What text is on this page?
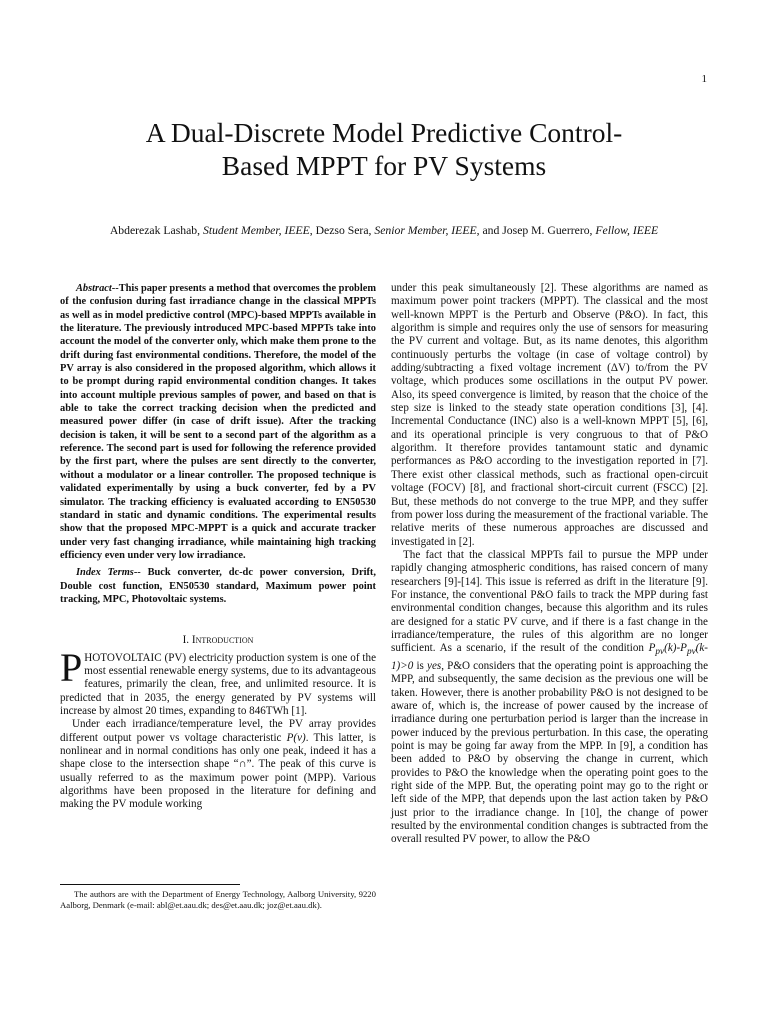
1
A Dual-Discrete Model Predictive Control-
Based MPPT for PV Systems
Abderezak Lashab, Student Member, IEEE, Dezso Sera, Senior Member, IEEE, and Josep M. Guerrero, Fellow, IEEE

Abstract--This paper presents a method that overcomes the problem of the confusion during fast irradiance change in the classical MPPTs as well as in model predictive control (MPC)-based MPPTs available in the literature. The previously introduced MPC-based MPPTs take into account the model of the converter only, which make them prone to the drift during fast environmental conditions. Therefore, the model of the PV array is also considered in the proposed algorithm, which allows it to be prompt during rapid environmental condition changes. It takes into account multiple previous samples of power, and based on that is able to take the correct tracking decision when the predicted and measured power differ (in case of drift issue). After the tracking decision is taken, it will be sent to a second part of the algorithm as a reference. The second part is used for following the reference provided by the first part, where the pulses are sent directly to the converter, without a modulator or a linear controller. The proposed technique is validated experimentally by using a buck converter, fed by a PV simulator. The tracking efficiency is evaluated according to EN50530 standard in static and dynamic conditions. The experimental results show that the proposed MPC-MPPT is a quick and accurate tracker under very fast changing irradiance, while maintaining high tracking efficiency even under very low irradiance.

Index Terms-- Buck converter, dc-dc power conversion, Drift, Double cost function, EN50530 standard, Maximum power point tracking, MPC, Photovoltaic systems.

I. Introduction

PHOTOVOLTAIC (PV) electricity production system is one of the most essential renewable energy systems, due to its advantageous features, primarily the clean, free, and unlimited resource. It is predicted that in 2035, the energy generated by PV systems will increase by almost 20 times, expanding to 846TWh [1].

Under each irradiance/temperature level, the PV array provides different output power vs voltage characteristic P(v). This latter, is nonlinear and in normal conditions has only one peak, indeed it has a shape close to the intersection shape “∩”. The peak of this curve is usually referred to as the maximum power point (MPP). Various algorithms have been proposed in the literature for defining and making the PV module working

The authors are with the Department of Energy Technology, Aalborg University, 9220 Aalborg, Denmark (e-mail: abl@et.aau.dk; des@et.aau.dk; joz@et.aau.dk).

under this peak simultaneously [2]. These algorithms are named as maximum power point trackers (MPPT). The classical and the most well-known MPPT is the Perturb and Observe (P&O). In fact, this algorithm is simple and requires only the use of sensors for measuring the PV current and voltage. But, as its name denotes, this algorithm continuously perturbs the voltage (in case of voltage control) by adding/subtracting a fixed voltage increment (ΔV) to/from the PV voltage, which produces some oscillations in the output PV power. Also, its speed convergence is limited, by reason that the choice of the step size is linked to the steady state operation conditions [3], [4]. Incremental Conductance (INC) also is a well-known MPPT [5], [6], and its operational principle is very congruous to that of P&O algorithm. It therefore provides tantamount static and dynamic performances as P&O according to the investigation reported in [7]. There exist other classical methods, such as fractional open-circuit voltage (FOCV) [8], and fractional short-circuit current (FSCC) [2]. But, these methods do not converge to the true MPP, and they suffer from power loss during the measurement of the fractional variable. The relative merits of these numerous approaches are discussed and investigated in [2].

The fact that the classical MPPTs fail to pursue the MPP under rapidly changing atmospheric conditions, has raised concern of many researchers [9]-[14]. This issue is referred as drift in the literature [9]. For instance, the conventional P&O fails to track the MPP during fast environmental condition changes, because this algorithm and its rules are designed for a static PV curve, and if there is a fast change in the irradiance/temperature, the rules of this algorithm are no longer sufficient. As a scenario, if the result of the condition $P_{pv}(k)-P_{pv}(k-1)>0$ is yes, P&O considers that the operating point is approaching the MPP, and subsequently, the same decision as the previous one will be taken. However, there is another probability P&O is not designed to be aware of, which is, the increase of power caused by the increase of irradiance during one perturbation period is larger than the increase in power induced by the previous perturbation. In this case, the operating point is may be going far away from the MPP. In [9], a condition has been added to P&O by observing the change in current, which provides to P&O the knowledge when the operating point goes to the right side of the MPP. But, the operating point may go to the right or left side of the MPP, that depends upon the last action taken by P&O just prior to the irradiance change. In [10], the change of power resulted by the environmental condition changes is subtracted from the overall resulted PV power, to allow the P&O
